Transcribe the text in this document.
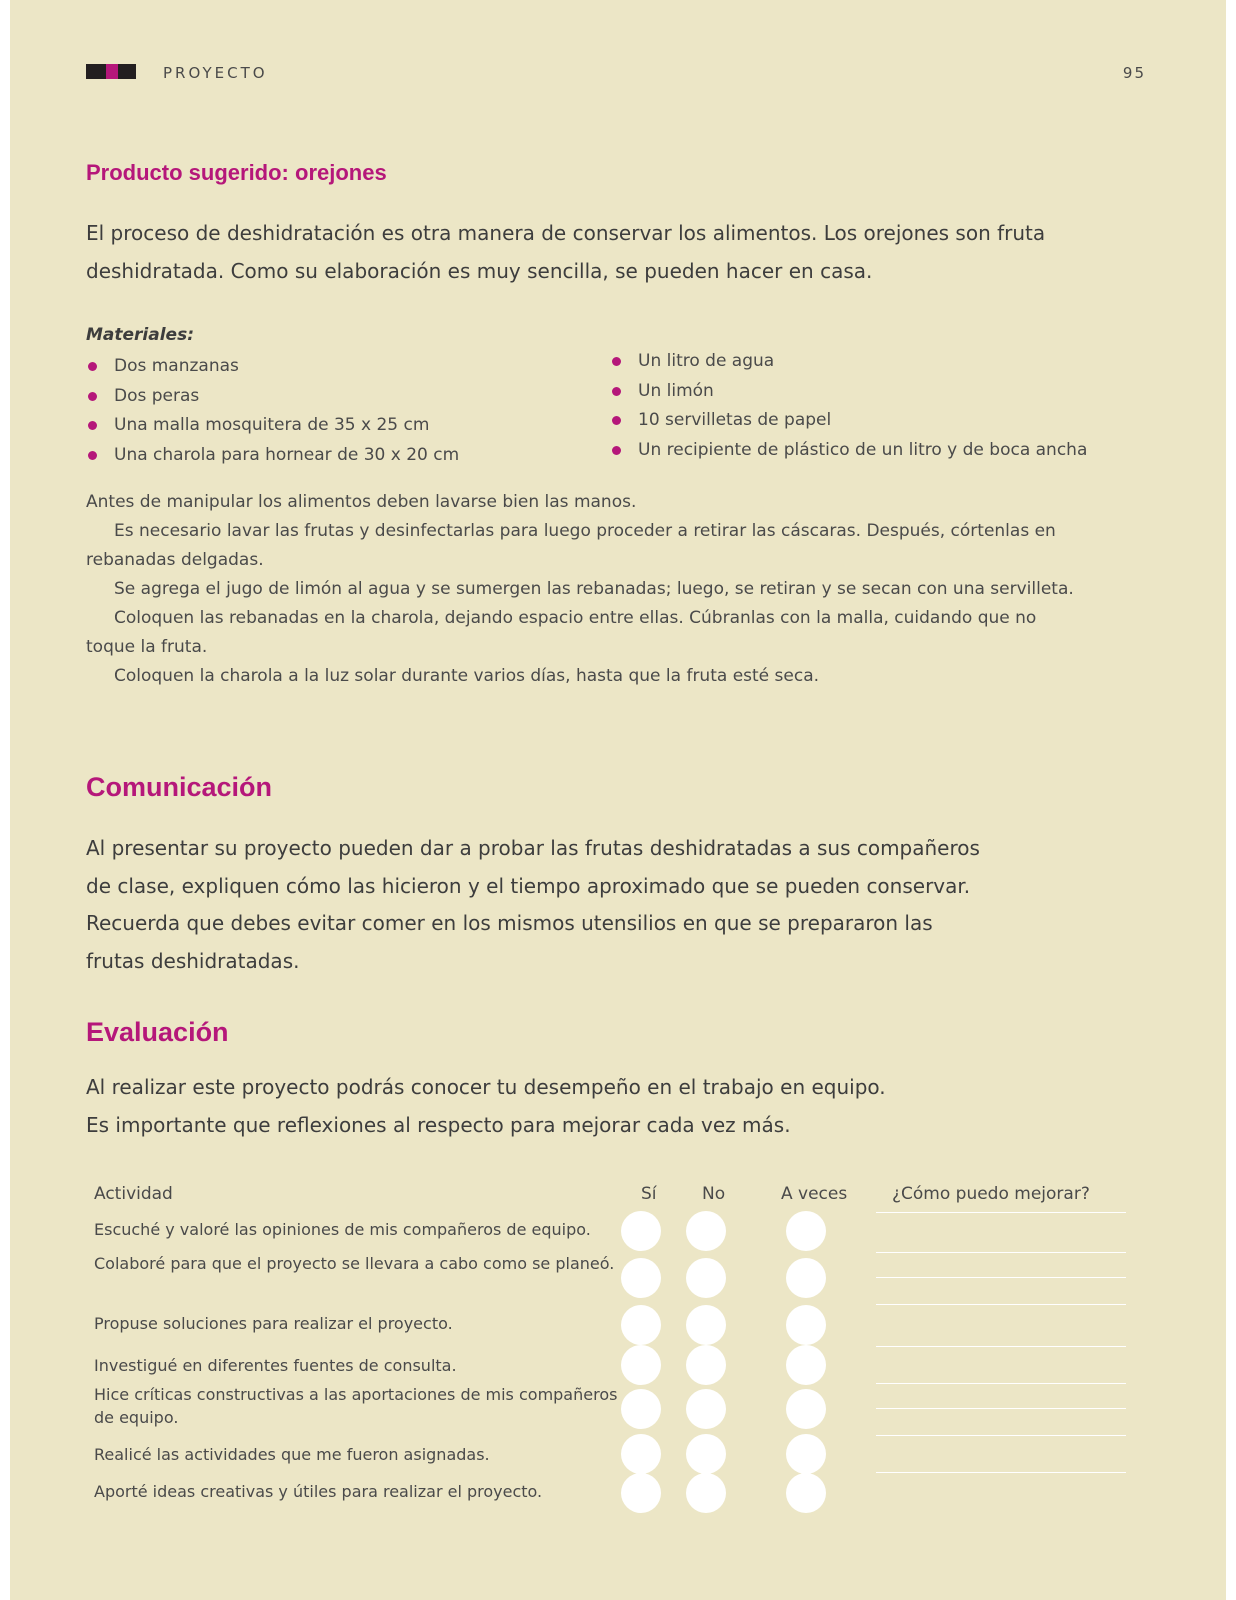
PROYECTO	95
Producto sugerido: orejones

El proceso de deshidratación es otra manera de conservar los alimentos. Los orejones son fruta deshidratada. Como su elaboración es muy sencilla, se pueden hacer en casa.

Materiales:
Dos manzanas
Dos peras
Una malla mosquitera de 35 x 25 cm
Una charola para hornear de 30 x 20 cm
Un litro de agua
Un limón
10 servilletas de papel
Un recipiente de plástico de un litro y de boca ancha

Antes de manipular los alimentos deben lavarse bien las manos.

Es necesario lavar las frutas y desinfectarlas para luego proceder a retirar las cáscaras. Después, córtenlas en rebanadas delgadas.

Se agrega el jugo de limón al agua y se sumergen las rebanadas; luego, se retiran y se secan con una servilleta.

Coloquen las rebanadas en la charola, dejando espacio entre ellas. Cúbranlas con la malla, cuidando que no toque la fruta.

Coloquen la charola a la luz solar durante varios días, hasta que la fruta esté seca.

Comunicación

Al presentar su proyecto pueden dar a probar las frutas deshidratadas a sus compañeros de clase, expliquen cómo las hicieron y el tiempo aproximado que se pueden conservar. Recuerda que debes evitar comer en los mismos utensilios en que se prepararon las frutas deshidratadas.

Evaluación

Al realizar este proyecto podrás conocer tu desempeño en el trabajo en equipo.
Es importante que reflexiones al respecto para mejorar cada vez más.

Actividad	Sí	No	A veces	¿Cómo puedo mejorar?
Escuché y valoré las opiniones de mis compañeros de equipo.
Colaboré para que el proyecto se llevara a cabo como se planeó.
Propuse soluciones para realizar el proyecto.
Investigué en diferentes fuentes de consulta.
Hice críticas constructivas a las aportaciones de mis compañeros de equipo.
Realicé las actividades que me fueron asignadas.
Aporté ideas creativas y útiles para realizar el proyecto.
